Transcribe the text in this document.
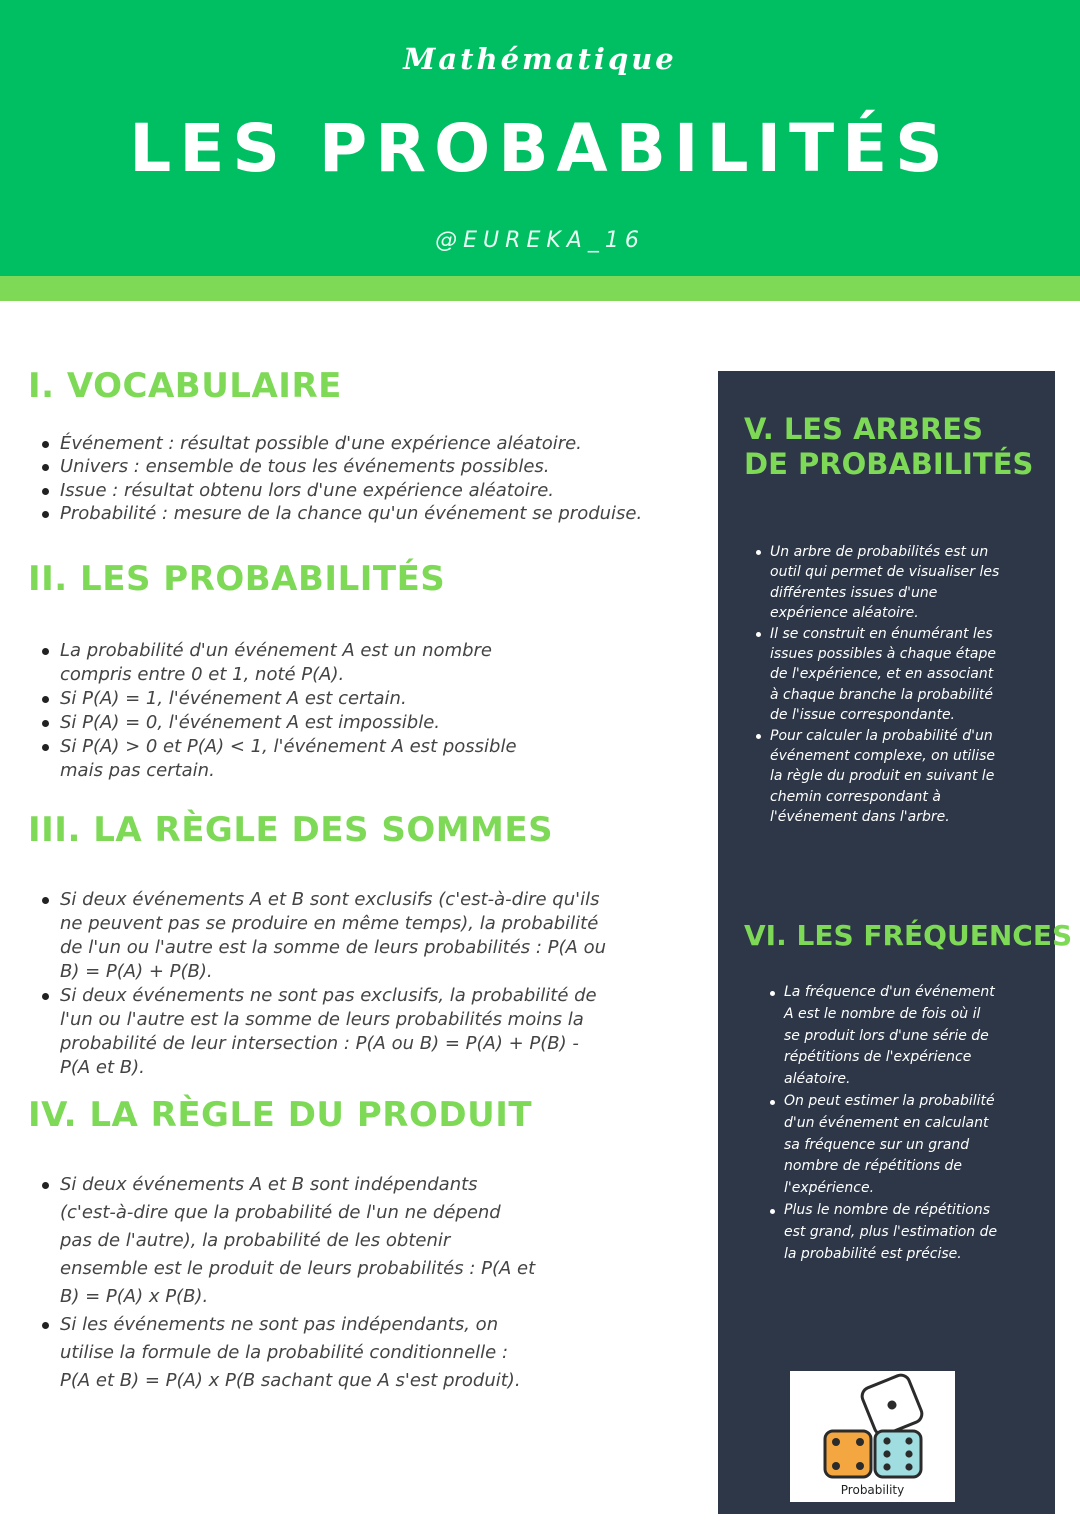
Mathématique
LES PROBABILITÉS
@EUREKA_16
I. VOCABULAIRE
Événement : résultat possible d'une expérience aléatoire.
Univers : ensemble de tous les événements possibles.
Issue : résultat obtenu lors d'une expérience aléatoire.
Probabilité : mesure de la chance qu'un événement se produise.
II. LES PROBABILITÉS
La probabilité d'un événement A est un nombre compris entre 0 et 1, noté P(A).
Si P(A) = 1, l'événement A est certain.
Si P(A) = 0, l'événement A est impossible.
Si P(A) > 0 et P(A) < 1, l'événement A est possible mais pas certain.
III. LA RÈGLE DES SOMMES
Si deux événements A et B sont exclusifs (c'est-à-dire qu'ils ne peuvent pas se produire en même temps), la probabilité de l'un ou l'autre est la somme de leurs probabilités : P(A ou B) = P(A) + P(B).
Si deux événements ne sont pas exclusifs, la probabilité de l'un ou l'autre est la somme de leurs probabilités moins la probabilité de leur intersection : P(A ou B) = P(A) + P(B) - P(A et B).
IV. LA RÈGLE DU PRODUIT
Si deux événements A et B sont indépendants (c'est-à-dire que la probabilité de l'un ne dépend pas de l'autre), la probabilité de les obtenir ensemble est le produit de leurs probabilités : P(A et B) = P(A) x P(B).
Si les événements ne sont pas indépendants, on utilise la formule de la probabilité conditionnelle : P(A et B) = P(A) x P(B sachant que A s'est produit).
V. LES ARBRES DE PROBABILITÉS
Un arbre de probabilités est un outil qui permet de visualiser les différentes issues d'une expérience aléatoire.
Il se construit en énumérant les issues possibles à chaque étape de l'expérience, et en associant à chaque branche la probabilité de l'issue correspondante.
Pour calculer la probabilité d'un événement complexe, on utilise la règle du produit en suivant le chemin correspondant à l'événement dans l'arbre.
VI. LES FRÉQUENCES
La fréquence d'un événement A est le nombre de fois où il se produit lors d'une série de répétitions de l'expérience aléatoire.
On peut estimer la probabilité d'un événement en calculant sa fréquence sur un grand nombre de répétitions de l'expérience.
Plus le nombre de répétitions est grand, plus l'estimation de la probabilité est précise.
Probability
